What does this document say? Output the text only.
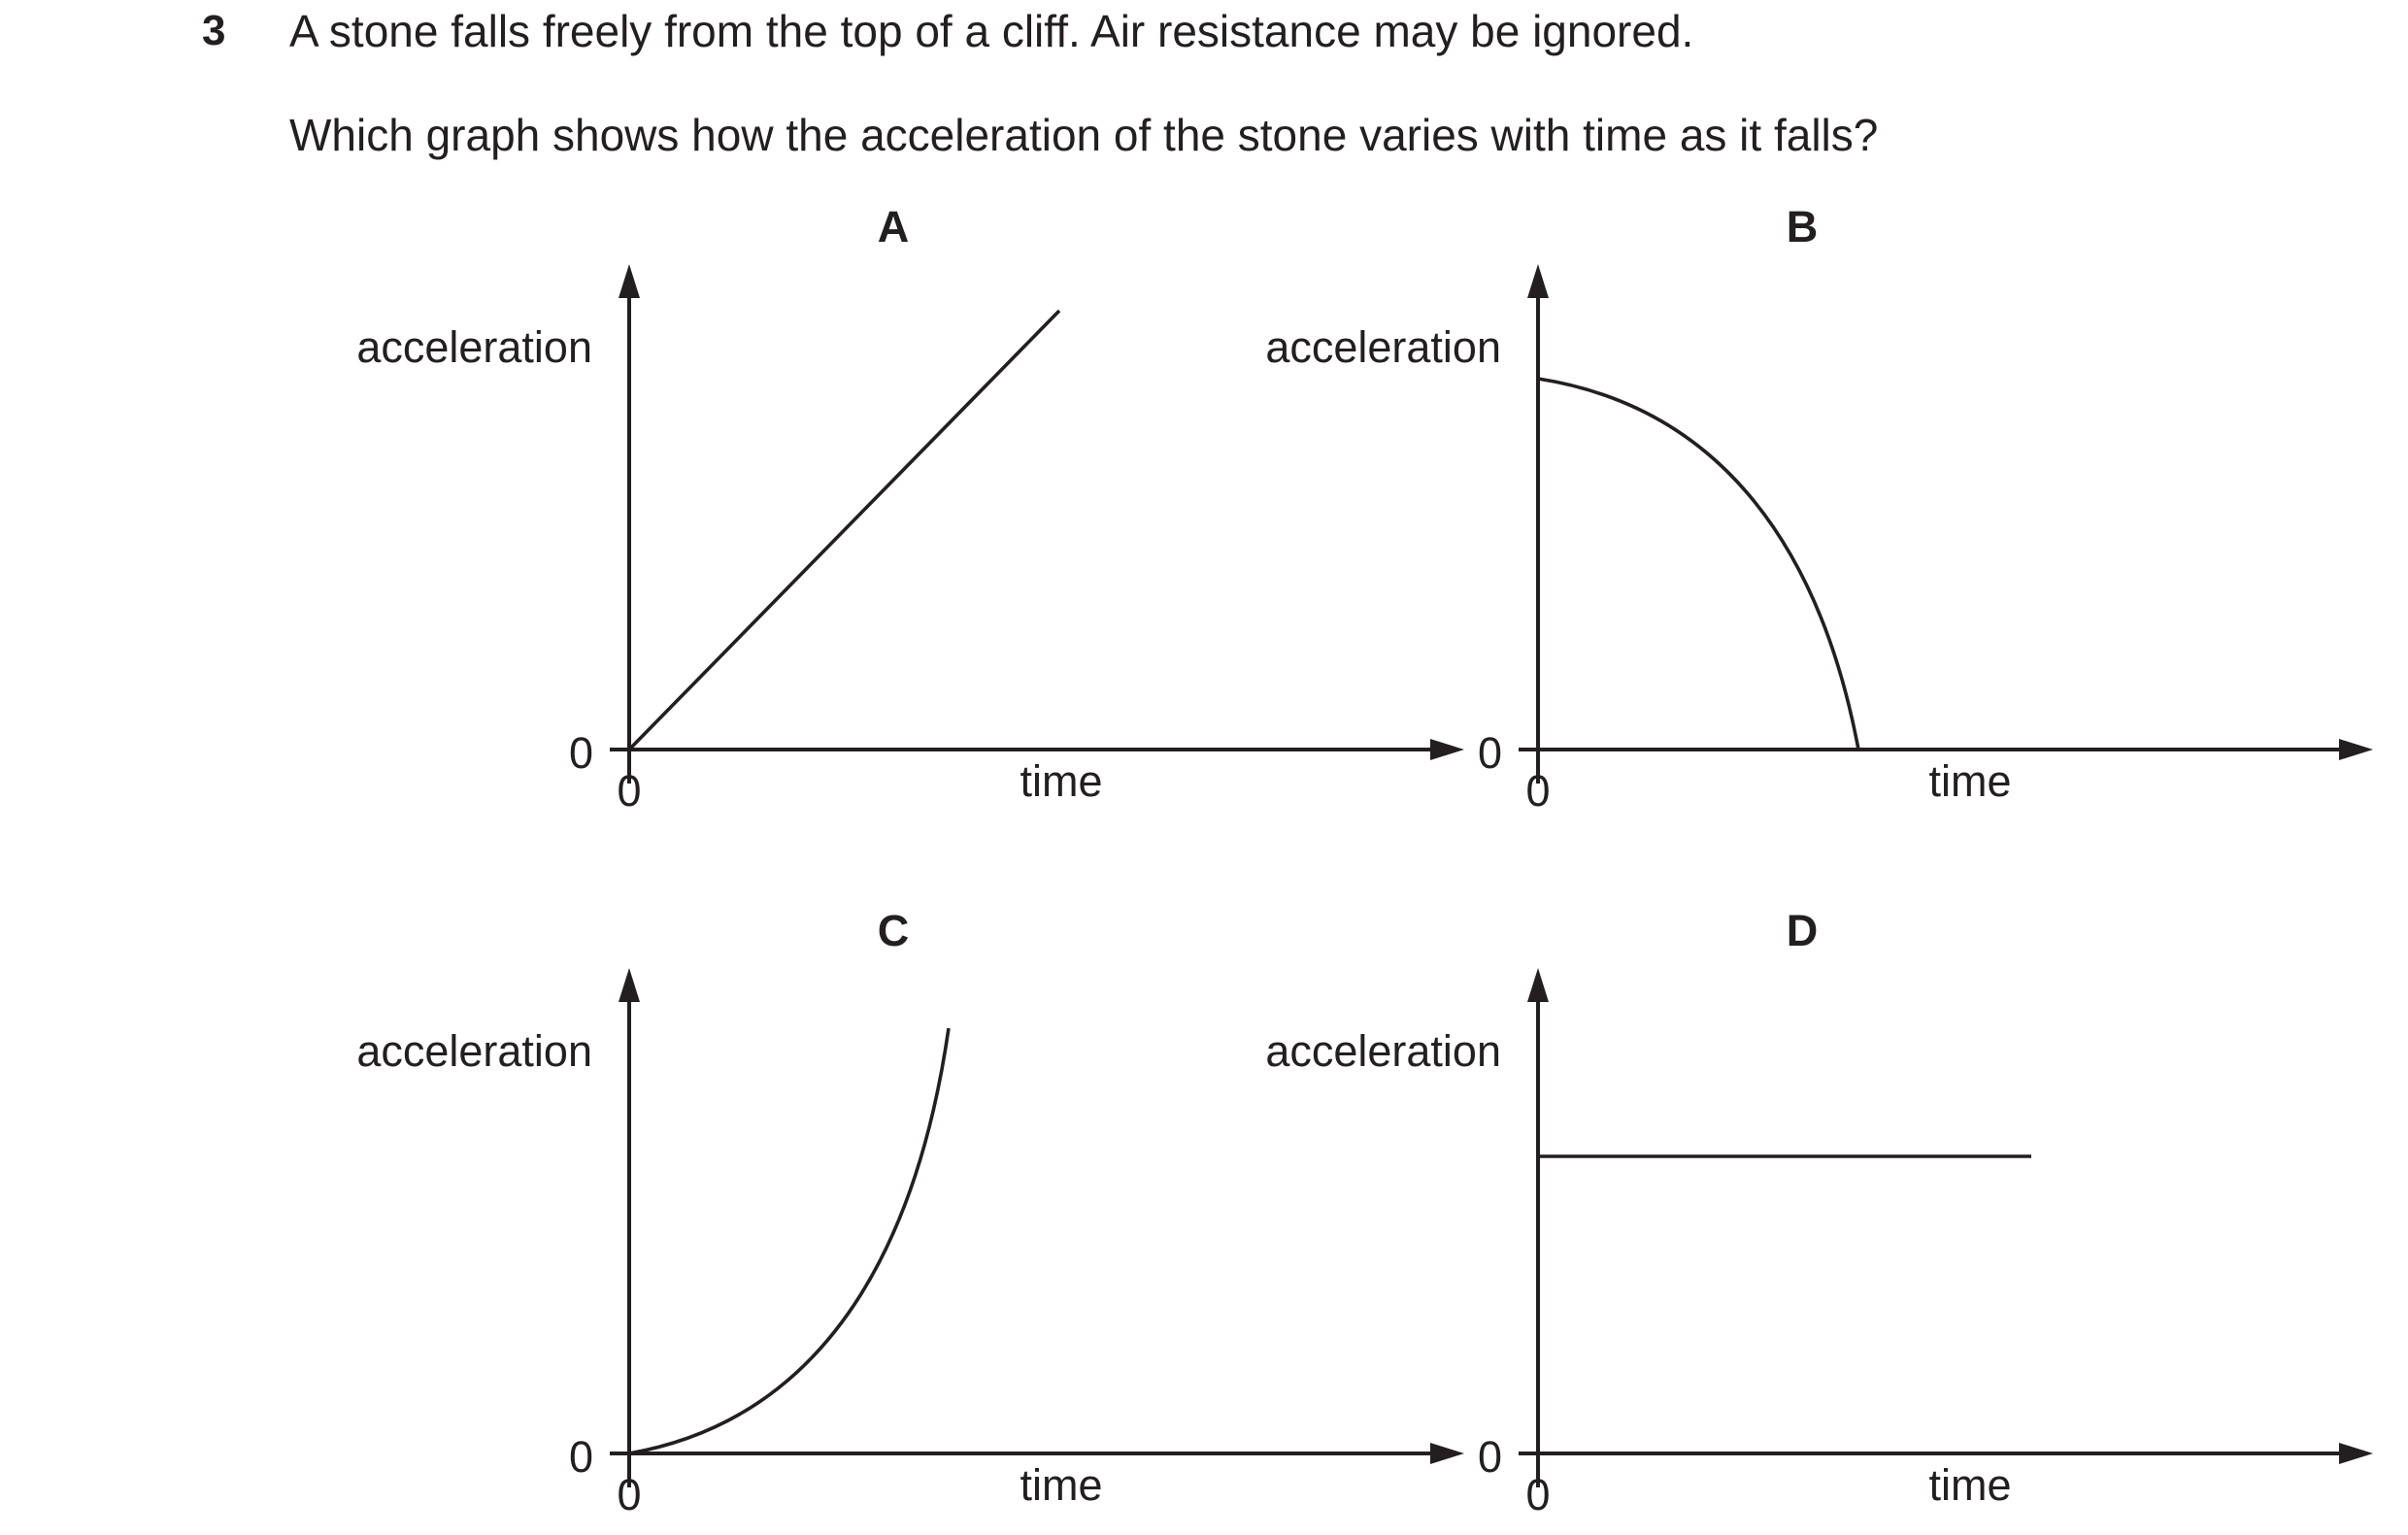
3 A stone falls freely from the top of a cliff. Air resistance may be ignored.
Which graph shows how the acceleration of the stone varies with time as it falls?
A
acceleration
time
0
0
B
acceleration
time
0
0
C
acceleration
time
0
0
D
acceleration
time
0
0
